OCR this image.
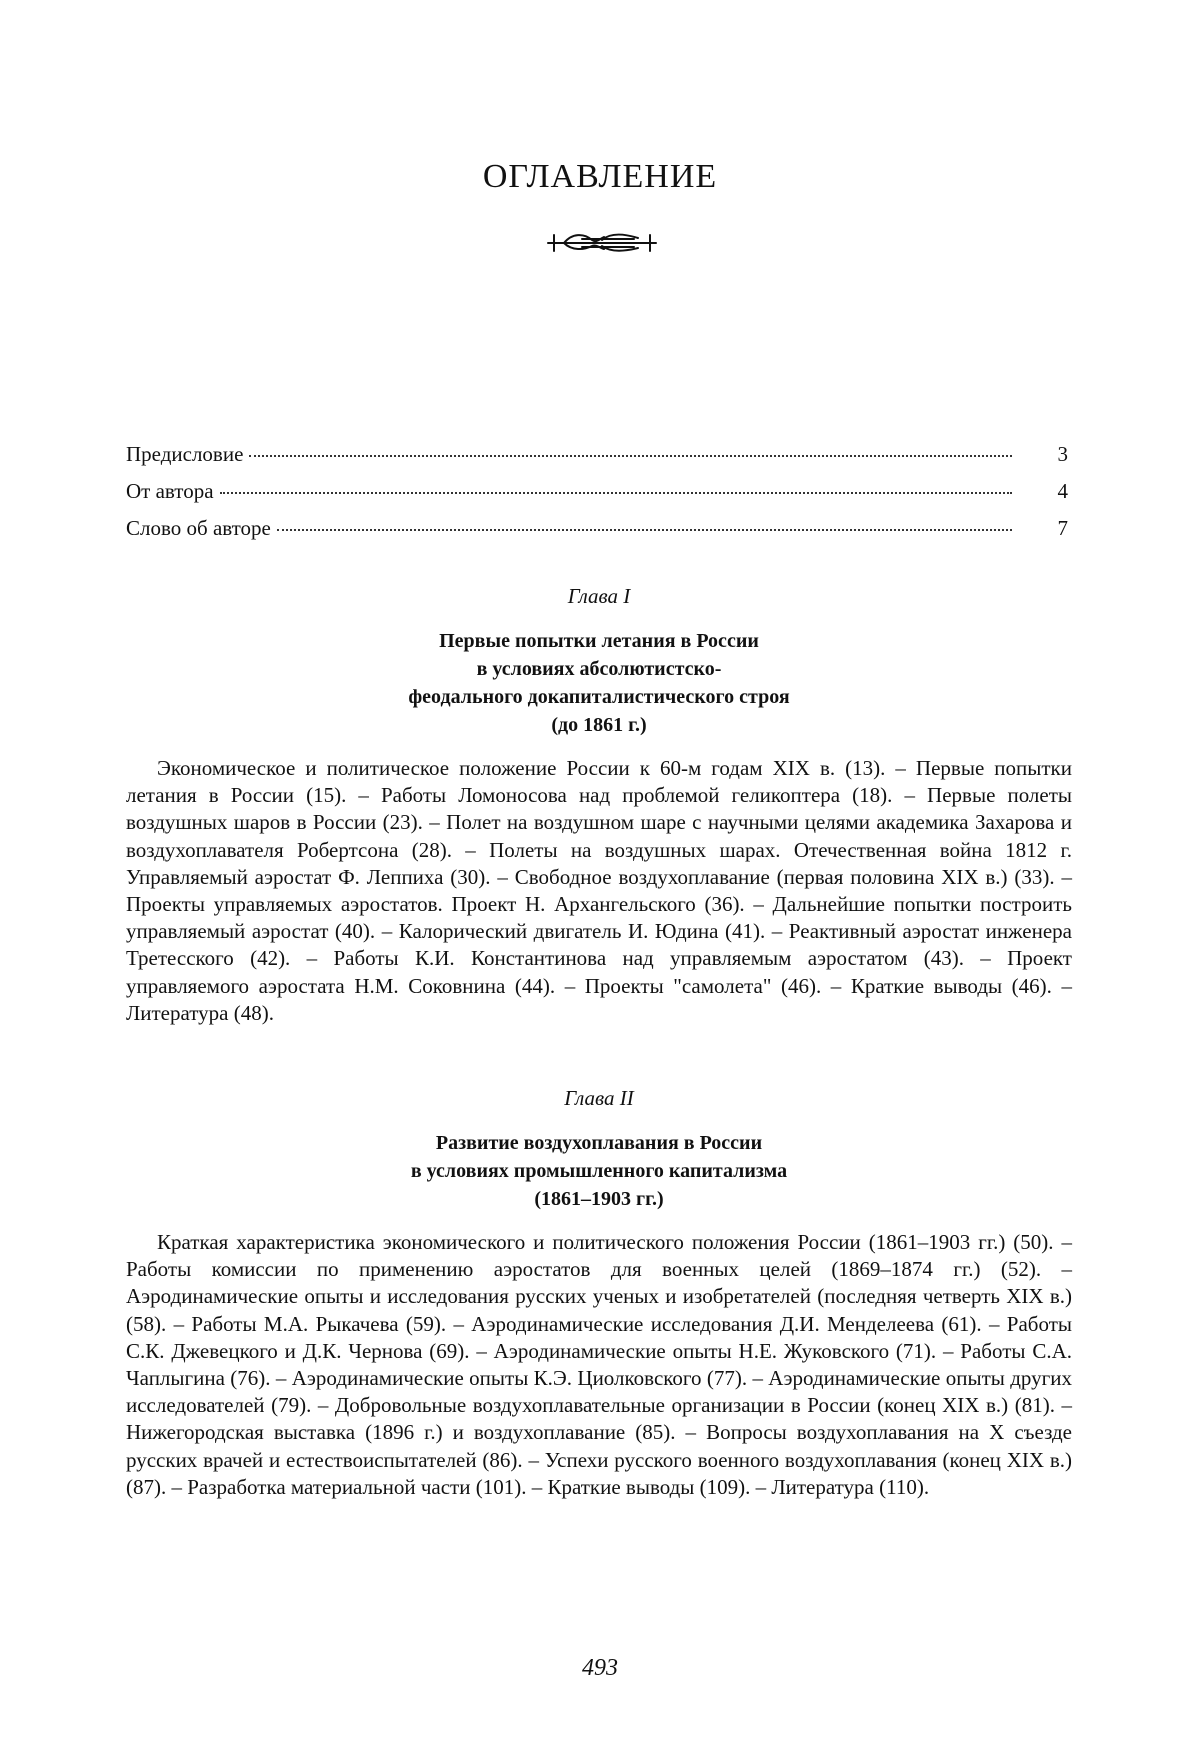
ОГЛАВЛЕНИЕ
Предисловие	3
От автора	4
Слово об авторе	7
Глава I
Первые попытки летания в России
в условиях абсолютистско-
феодального докапиталистического строя
(до 1861 г.)
Экономическое и политическое положение России к 60-м годам XIX в. (13). – Первые попытки летания в России (15). – Работы Ломоносова над проблемой геликоптера (18). – Первые полеты воздушных шаров в России (23). – Полет на воздушном шаре с научными целями академика Захарова и воздухоплавателя Робертсона (28). – Полеты на воздушных шарах. Отечественная война 1812 г. Управляемый аэростат Ф. Леппиха (30). – Свободное воздухоплавание (первая половина XIX в.) (33). – Проекты управляемых аэростатов. Проект Н. Архангельского (36). – Дальнейшие попытки построить управляемый аэростат (40). – Калорический двигатель И. Юдина (41). – Реактивный аэростат инженера Третесского (42). – Работы К.И. Константинова над управляемым аэростатом (43). – Проект управляемого аэростата Н.М. Соковнина (44). – Проекты "самолета" (46). – Краткие выводы (46). – Литература (48).
Глава II
Развитие воздухоплавания в России
в условиях промышленного капитализма
(1861–1903 гг.)
Краткая характеристика экономического и политического положения России (1861–1903 гг.) (50). – Работы комиссии по применению аэростатов для военных целей (1869–1874 гг.) (52). – Аэродинамические опыты и исследования русских ученых и изобретателей (последняя четверть XIX в.) (58). – Работы М.А. Рыкачева (59). – Аэродинамические исследования Д.И. Менделеева (61). – Работы С.К. Джевецкого и Д.К. Чернова (69). – Аэродинамические опыты Н.Е. Жуковского (71). – Работы С.А. Чаплыгина (76). – Аэродинамические опыты К.Э. Циолковского (77). – Аэродинамические опыты других исследователей (79). – Добровольные воздухоплавательные организации в России (конец XIX в.) (81). – Нижегородская выставка (1896 г.) и воздухоплавание (85). – Вопросы воздухоплавания на X съезде русских врачей и естествоиспытателей (86). – Успехи русского военного воздухоплавания (конец XIX в.) (87). – Разработка материальной части (101). – Краткие выводы (109). – Литература (110).
493
